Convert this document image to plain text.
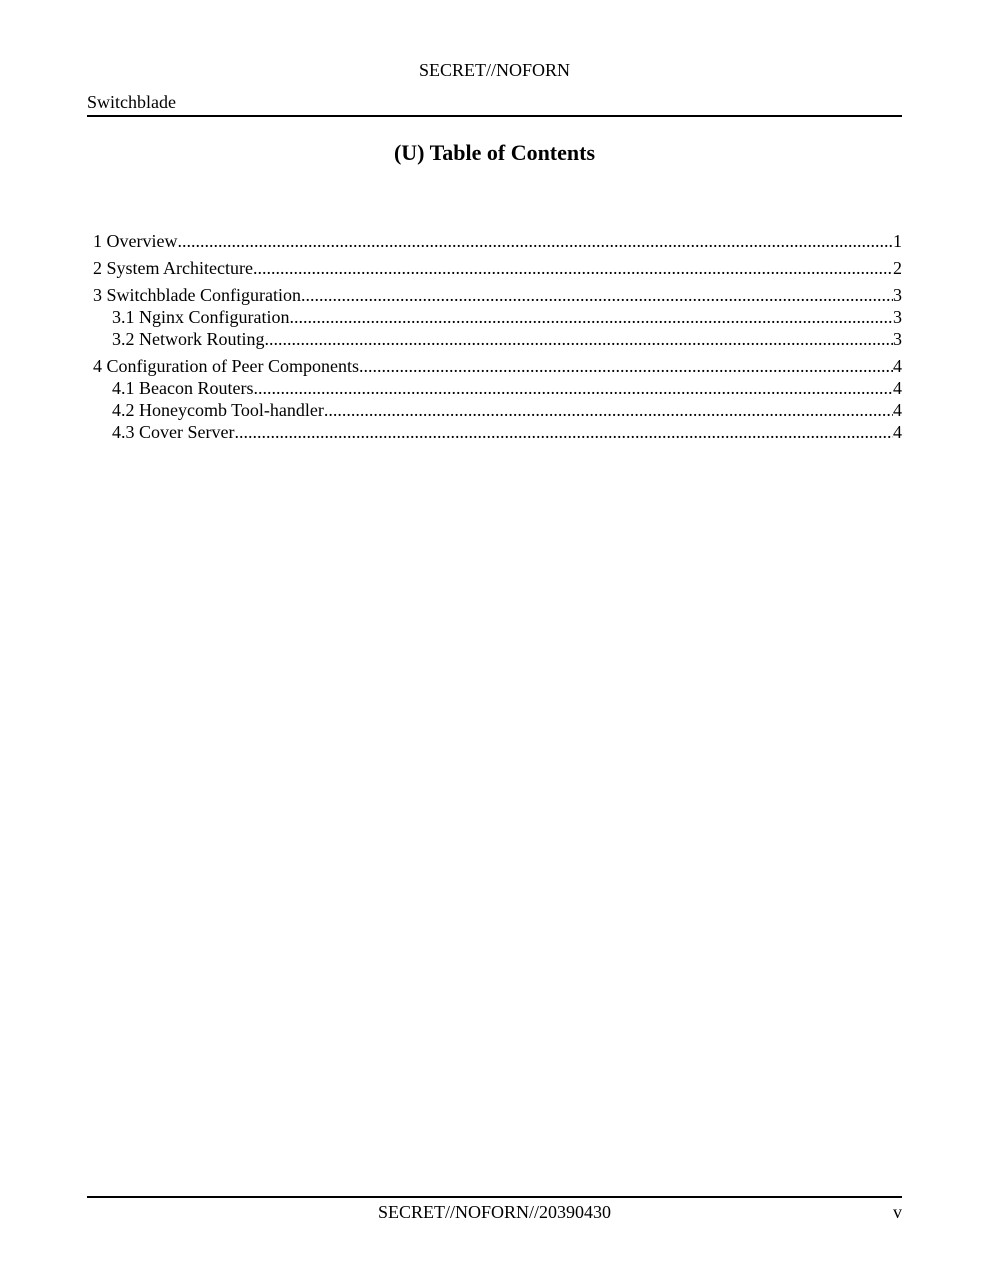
SECRET//NOFORN
Switchblade
(U) Table of Contents
1 Overview .....	1
2 System Architecture .....	2
3 Switchblade Configuration .....	3
3.1 Nginx Configuration .....	3
3.2 Network Routing .....	3
4 Configuration of Peer Components .....	4
4.1 Beacon Routers .....	4
4.2 Honeycomb Tool-handler .....	4
4.3 Cover Server .....	4
SECRET//NOFORN//20390430	v
